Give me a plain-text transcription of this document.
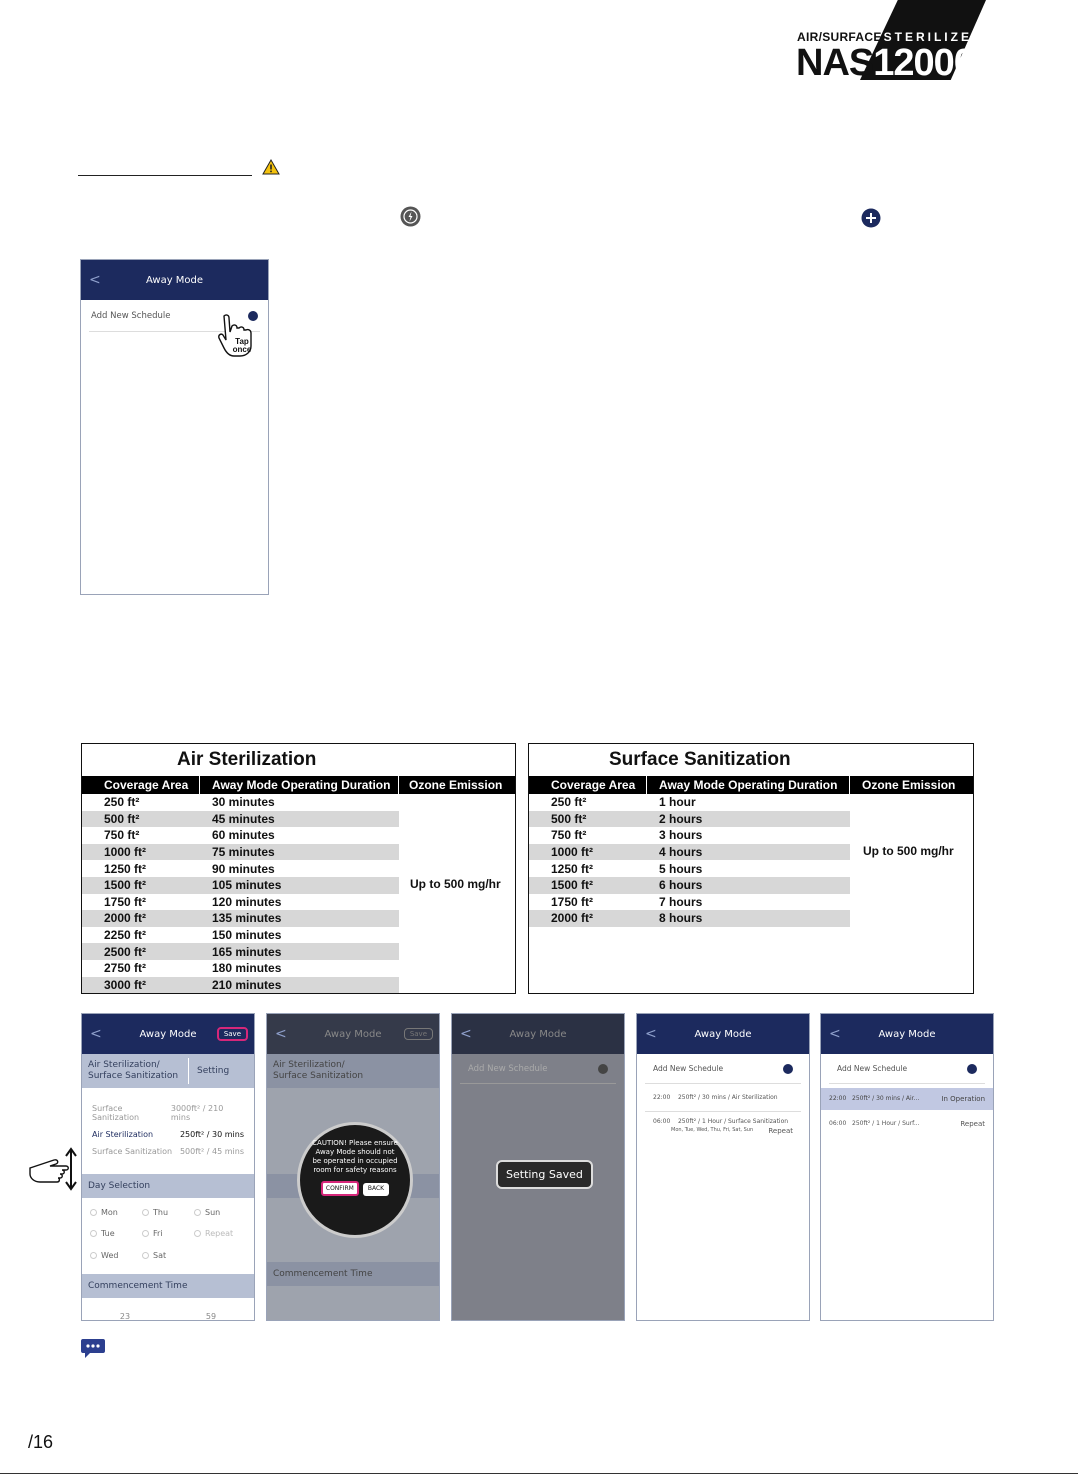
AIR/SURFACE STERILIZER
NAS12000
<	Away Mode
Add New Schedule
Tap once
Air Sterilization
Coverage Area	Away Mode Operating Duration	Ozone Emission
250 ft²	30 minutes
500 ft²	45 minutes
750 ft²	60 minutes
1000 ft²	75 minutes
1250 ft²	90 minutes
1500 ft²	105 minutes
1750 ft²	120 minutes
2000 ft²	135 minutes
2250 ft²	150 minutes
2500 ft²	165 minutes
2750 ft²	180 minutes
3000 ft²	210 minutes
Up to 500 mg/hr
Surface Sanitization
Coverage Area	Away Mode Operating Duration	Ozone Emission
250 ft²	1 hour
500 ft²	2 hours
750 ft²	3 hours
1000 ft²	4 hours
1250 ft²	5 hours
1500 ft²	6 hours
1750 ft²	7 hours
2000 ft²	8 hours
Up to 500 mg/hr
<	Away Mode	Save
Air Sterilization/ Surface Sanitization	Setting
Surface Sanitization
3000ft² / 210 mins
Air Sterilization	250ft² / 30 mins
Surface Sanitization 500ft² / 45 mins
Day Selection
Mon	Thu	Sun
Tue	Fri	Repeat
Wed	Sat
Commencement Time
23	59
<	Away Mode	Save
Air Sterilization/ Surface Sanitization
Commencement Time
CAUTION! Please ensure Away Mode should not be operated in occupied room for safety reasons
CONFIRM	BACK
<	Away Mode
Add New Schedule
Setting Saved
<	Away Mode
Add New Schedule
22:00 250ft² / 30 mins / Air Sterilization
06:00 250ft² / 1 Hour / Surface Sanitization
Mon, Tue, Wed, Thu, Fri, Sat, Sun Repeat
<	Away Mode
Add New Schedule
22:00 250ft² / 30 mins / Air...	In Operation
06:00 250ft² / 1 Hour / Surf...	Repeat
/16
